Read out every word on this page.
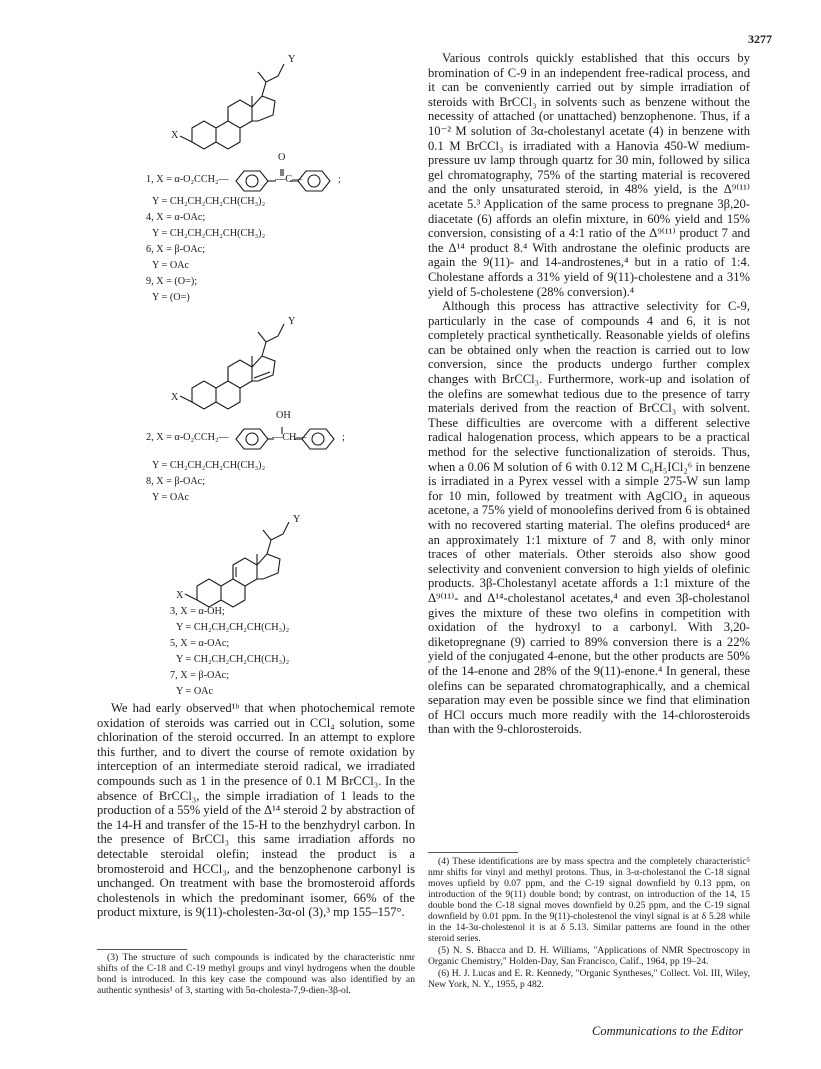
3277
Y
X
O
1, X = α-O₂CCH₂—	—C—	;
Y = CH₂CH₂CH₂CH(CH₃)₂
4, X = α-OAc;
Y = CH₂CH₂CH₂CH(CH₃)₂
6, X = β-OAc;
Y = OAc
9, X = (O=);
Y = (O=)
Y
X
OH
2, X = α-O₂CCH₂—	—CH—	;
Y = CH₂CH₂CH₂CH(CH₃)₂
8, X = β-OAc;
Y = OAc
Y
X
3, X = α-OH;
Y = CH₂CH₂CH₂CH(CH₃)₂
5, X = α-OAc;
Y = CH₂CH₂CH₂CH(CH₃)₂
7, X = β-OAc;
Y = OAc

We had early observed¹ᵇ that when photochemical remote oxidation of steroids was carried out in CCl₄ solution, some chlorination of the steroid occurred. In an attempt to explore this further, and to divert the course of remote oxidation by interception of an intermediate steroid radical, we irradiated compounds such as 1 in the presence of 0.1 M BrCCl₃. In the absence of BrCCl₃, the simple irradiation of 1 leads to the production of a 55% yield of the Δ¹⁴ steroid 2 by abstraction of the 14-H and transfer of the 15-H to the benzhydryl carbon. In the presence of BrCCl₃ this same irradiation affords no detectable steroidal olefin; instead the product is a bromosteroid and HCCl₃, and the benzophenone carbonyl is unchanged. On treatment with base the bromosteroid affords cholestenols in which the predominant isomer, 66% of the product mixture, is 9(11)-cholesten-3α-ol (3),³ mp 155–157°.

(3) The structure of such compounds is indicated by the characteristic nmr shifts of the C-18 and C-19 methyl groups and vinyl hydrogens when the double bond is introduced. In this key case the compound was also identified by an authentic synthesis¹ of 3, starting with 5α-cholesta-7,9-dien-3β-ol.

Various controls quickly established that this occurs by bromination of C-9 in an independent free-radical process, and it can be conveniently carried out by simple irradiation of steroids with BrCCl₃ in solvents such as benzene without the necessity of attached (or unattached) benzophenone. Thus, if a 10⁻² M solution of 3α-cholestanyl acetate (4) in benzene with 0.1 M BrCCl₃ is irradiated with a Hanovia 450-W medium-pressure uv lamp through quartz for 30 min, followed by silica gel chromatography, 75% of the starting material is recovered and the only unsaturated steroid, in 48% yield, is the Δ⁹⁽¹¹⁾ acetate 5.³ Application of the same process to pregnane 3β,20-diacetate (6) affords an olefin mixture, in 60% yield and 15% conversion, consisting of a 4:1 ratio of the Δ⁹⁽¹¹⁾ product 7 and the Δ¹⁴ product 8.⁴ With androstane the olefinic products are again the 9(11)- and 14-androstenes,⁴ but in a ratio of 1:4. Cholestane affords a 31% yield of 9(11)-cholestene and a 31% yield of 5-cholestene (28% conversion).⁴

Although this process has attractive selectivity for C-9, particularly in the case of compounds 4 and 6, it is not completely practical synthetically. Reasonable yields of olefins can be obtained only when the reaction is carried out to low conversion, since the products undergo further complex changes with BrCCl₃. Furthermore, work-up and isolation of the olefins are somewhat tedious due to the presence of tarry materials derived from the reaction of BrCCl₃ with solvent. These difficulties are overcome with a different selective radical halogenation process, which appears to be a practical method for the selective functionalization of steroids. Thus, when a 0.06 M solution of 6 with 0.12 M C₆H₅ICl₂⁶ in benzene is irradiated in a Pyrex vessel with a simple 275-W sun lamp for 10 min, followed by treatment with AgClO₄ in aqueous acetone, a 75% yield of monoolefins derived from 6 is obtained with no recovered starting material. The olefins produced⁴ are an approximately 1:1 mixture of 7 and 8, with only minor traces of other materials. Other steroids also show good selectivity and convenient conversion to high yields of olefinic products. 3β-Cholestanyl acetate affords a 1:1 mixture of the Δ⁹⁽¹¹⁾- and Δ¹⁴-cholestanol acetates,⁴ and even 3β-cholestanol gives the mixture of these two olefins in competition with oxidation of the hydroxyl to a carbonyl. With 3,20-diketopregnane (9) carried to 89% conversion there is a 22% yield of the conjugated 4-enone, but the other products are 50% of the 14-enone and 28% of the 9(11)-enone.⁴ In general, these olefins can be separated chromatographically, and a chemical separation may even be possible since we find that elimination of HCl occurs much more readily with the 14-chlorosteroids than with the 9-chlorosteroids.

(4) These identifications are by mass spectra and the completely characteristic⁵ nmr shifts for vinyl and methyl protons. Thus, in 3-α-cholestanol the C-18 signal moves upfield by 0.07 ppm, and the C-19 signal downfield by 0.13 ppm, on introduction of the 9(11) double bond; by contrast, on introduction of the 14, 15 double bond the C-18 signal moves downfield by 0.25 ppm, and the C-19 signal downfield by 0.01 ppm. In the 9(11)-cholestenol the vinyl signal is at δ 5.28 while in the 14-3α-cholestenol it is at δ 5.13. Similar patterns are found in the other steroid series.

(5) N. S. Bhacca and D. H. Williams, "Applications of NMR Spectroscopy in Organic Chemistry," Holden-Day, San Francisco, Calif., 1964, pp 19–24.

(6) H. J. Lucas and E. R. Kennedy, "Organic Syntheses," Collect. Vol. III, Wiley, New York, N. Y., 1955, p 482.

Communications to the Editor
